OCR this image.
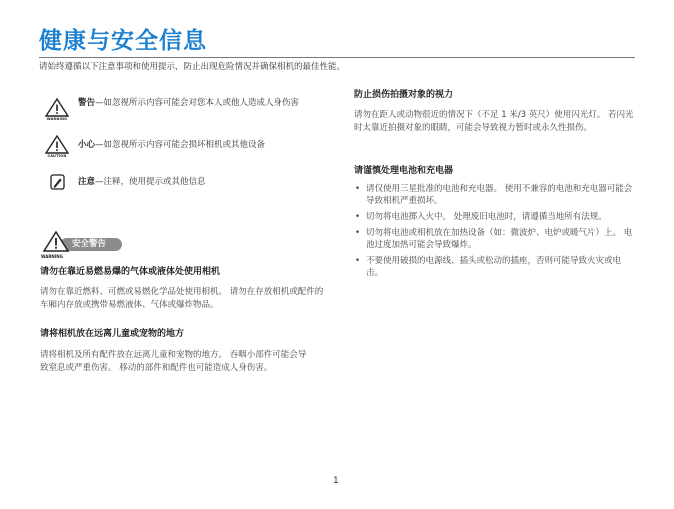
健康与安全信息
请始终遵循以下注意事项和使用提示，防止出现危险情况并确保相机的最佳性能。
WARNING
警告—如忽视所示内容可能会对您本人或他人造成人身伤害
CAUTION
小心—如忽视所示内容可能会损坏相机或其他设备
注意—注释，使用提示或其他信息
安全警告
WARNING
请勿在靠近易燃易爆的气体或液体处使用相机
请勿在靠近燃料、可燃或易燃化学品处使用相机。 请勿在存放相机或配件的车厢内存放或携带易燃液体、气体或爆炸物品。
请将相机放在远离儿童或宠物的地方
请将相机及所有配件放在远离儿童和宠物的地方。 吞咽小部件可能会导致窒息或严重伤害。 移动的部件和配件也可能造成人身伤害。
防止损伤拍摄对象的视力
请勿在距人或动物很近的情况下（不足 1 米/3 英尺）使用闪光灯。 若闪光时太靠近拍摄对象的眼睛，可能会导致视力暂时或永久性损伤。
请谨慎处理电池和充电器
• 请仅使用三星批准的电池和充电器。 使用不兼容的电池和充电器可能会导致相机严重损坏。
• 切勿将电池掷入火中。 处理废旧电池时，请遵循当地所有法规。
• 切勿将电池或相机放在加热设备（如：微波炉、电炉或暖气片）上。 电池过度加热可能会导致爆炸。
• 不要使用破损的电源线、插头或松动的插座，否则可能导致火灾或电击。
1
